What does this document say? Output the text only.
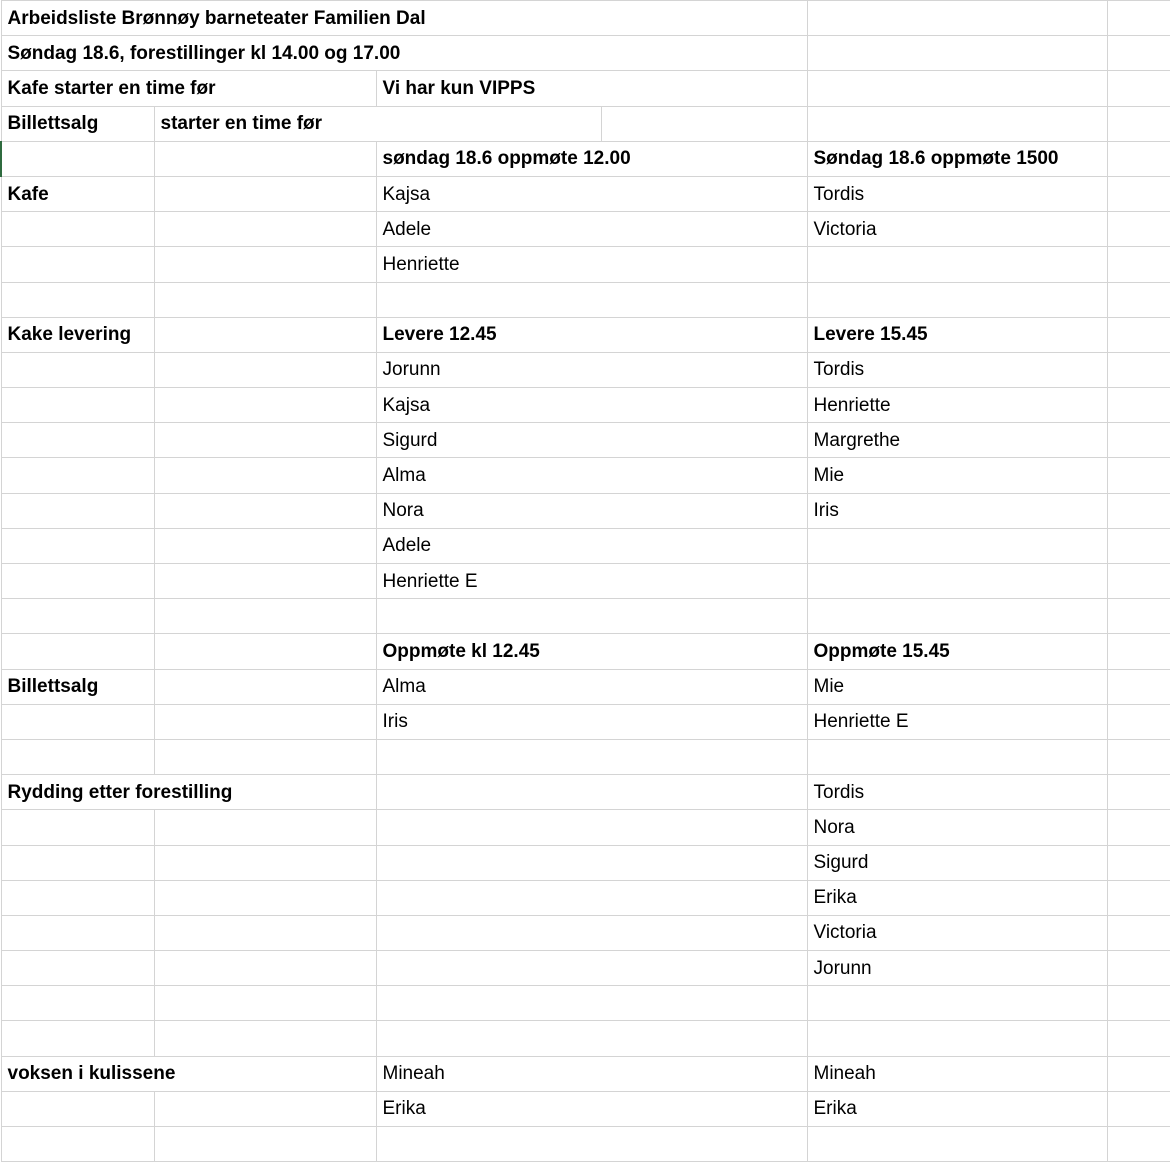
Arbeidsliste Brønnøy barneteater Familien Dal					
Søndag 18.6, forestillinger kl 14.00 og 17.00					
Kafe starter en time før		Vi har kun VIPPS			
Billettsalg	starter en time før				
		søndag 18.6 oppmøte 12.00		Søndag 18.6 oppmøte 1500	
Kafe		Kajsa		Tordis	
		Adele		Victoria	
		Henriette			

Kake levering		Levere 12.45		Levere 15.45	
		Jorunn		Tordis	
		Kajsa		Henriette	
		Sigurd		Margrethe	
		Alma		Mie	
		Nora		Iris	
		Adele			
		Henriette E			

		Oppmøte kl 12.45		Oppmøte 15.45	
Billettsalg		Alma		Mie	
		Iris		Henriette E	

Rydding etter forestilling				Tordis	
				Nora	
				Sigurd	
				Erika	
				Victoria	
				Jorunn	

voksen i kulissene		Mineah		Mineah	
		Erika		Erika	
